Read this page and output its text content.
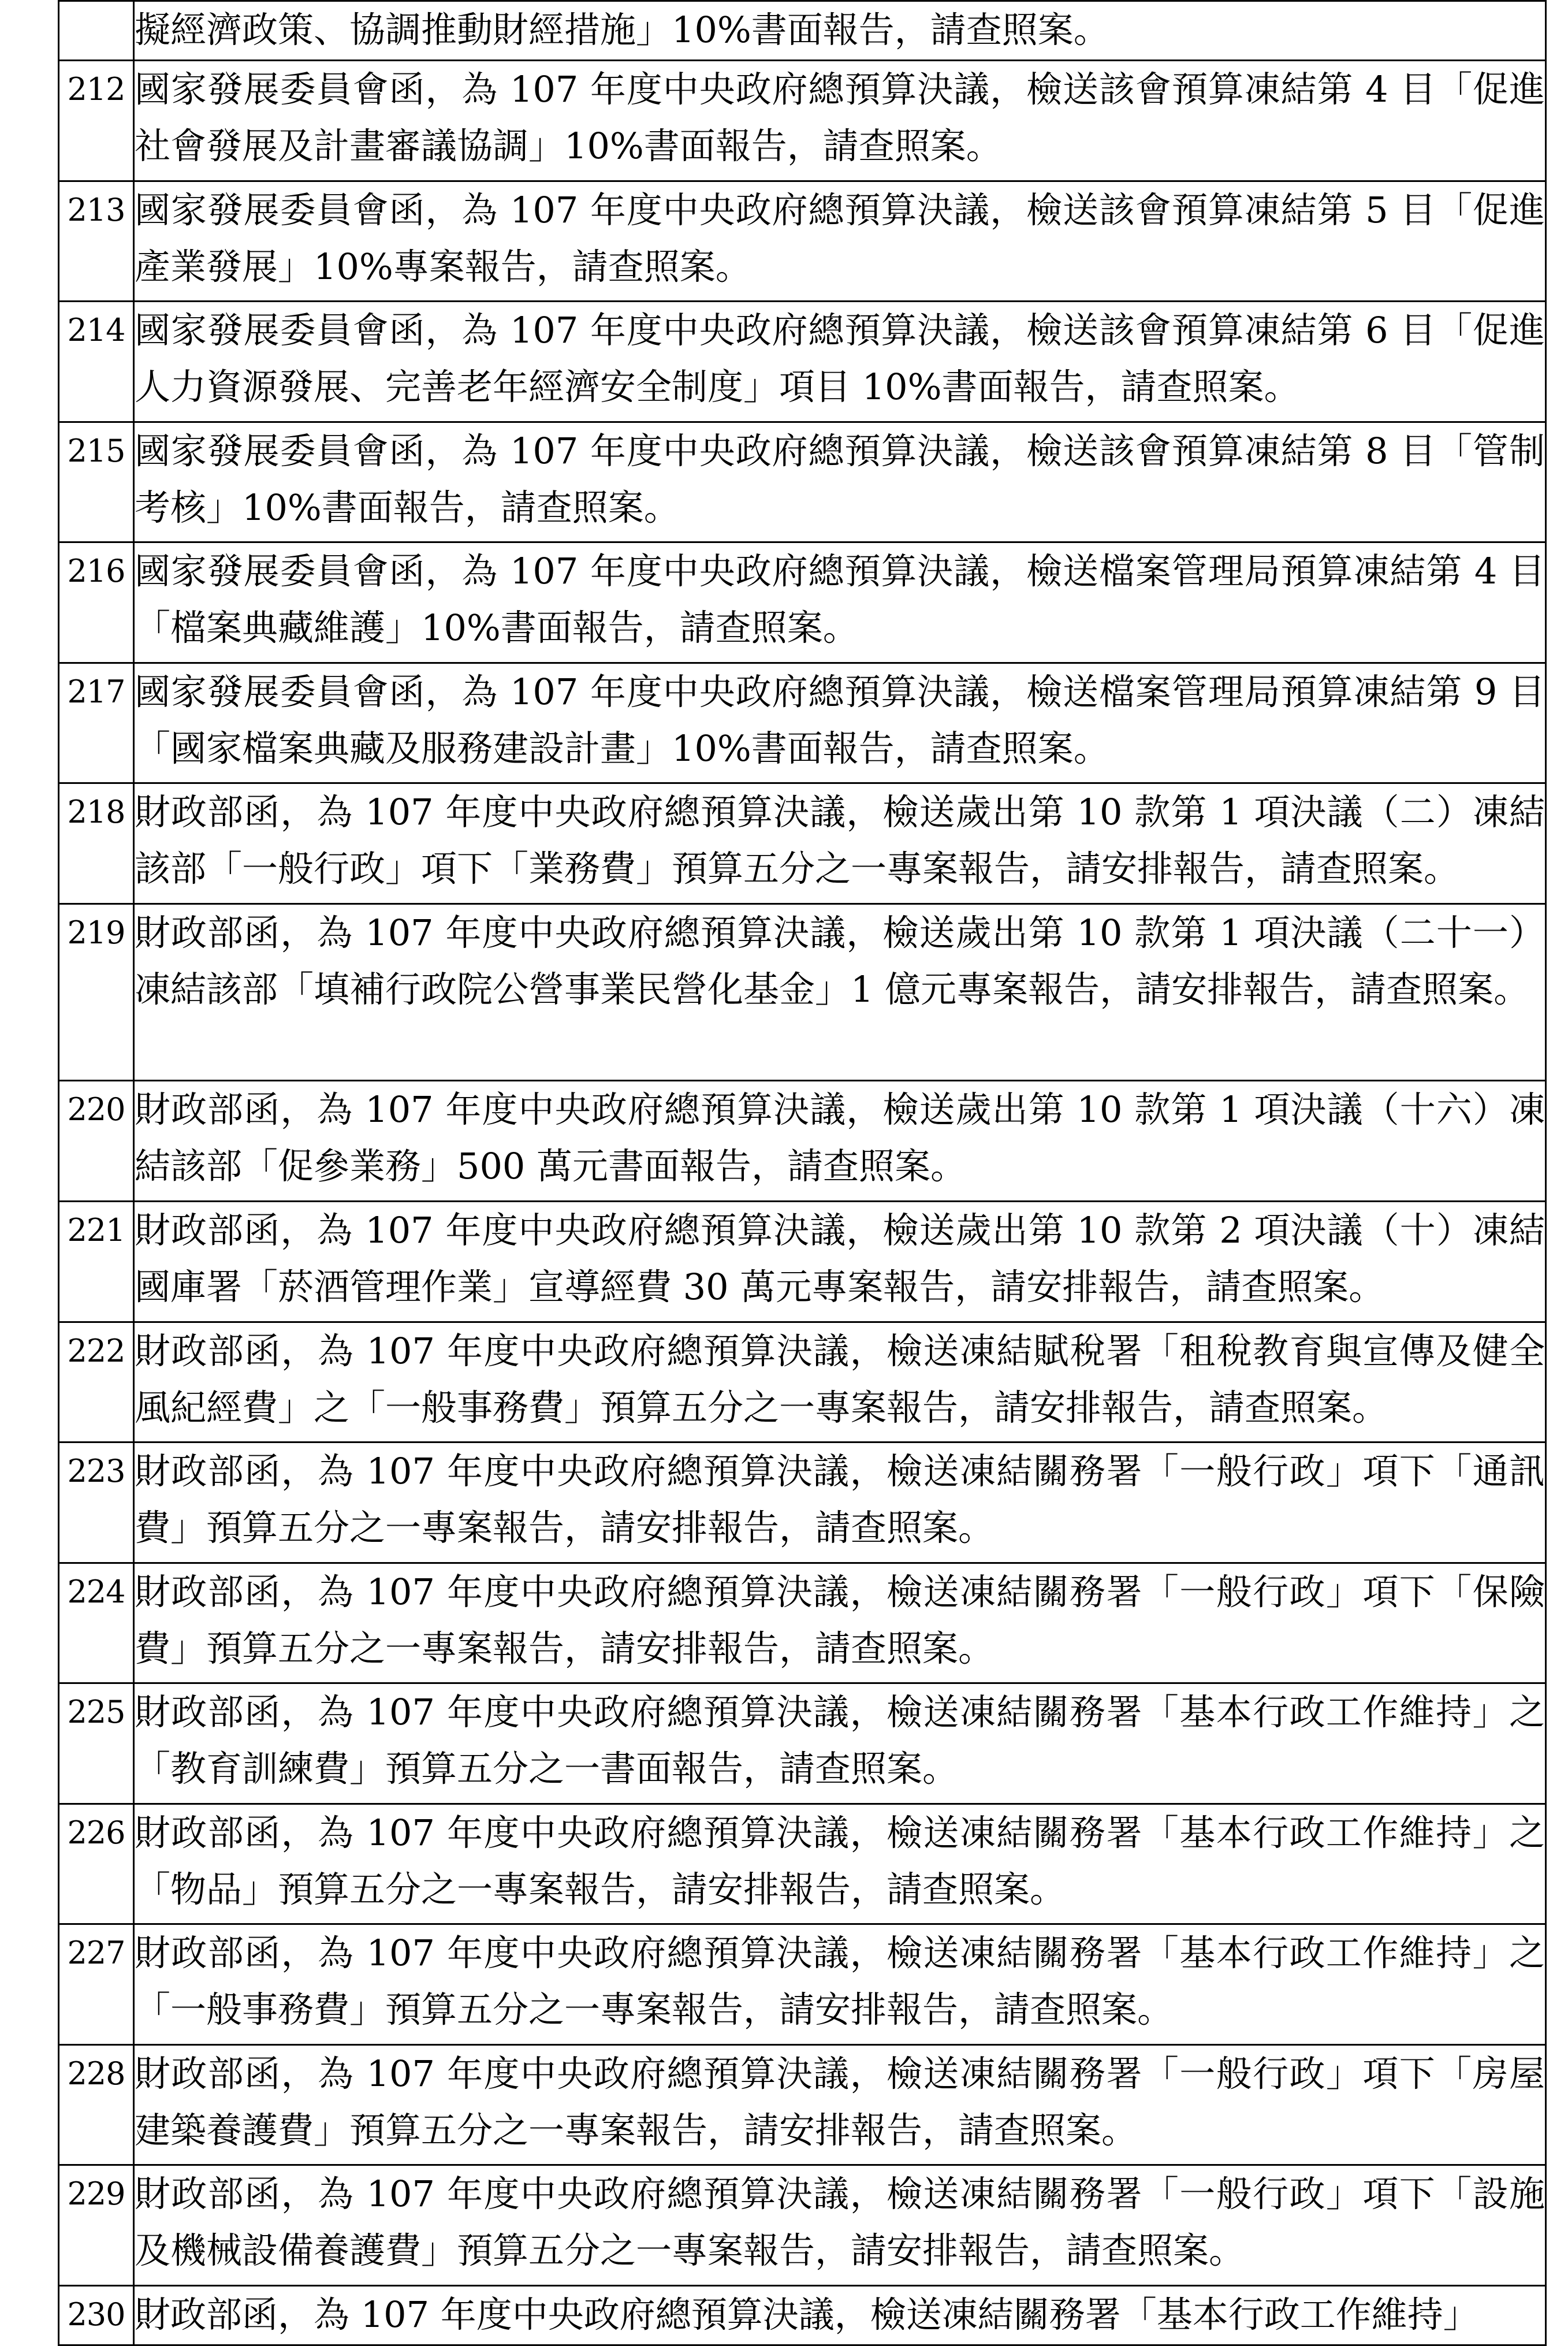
	擬經濟政策、協調推動財經措施」10%書面報告，請查照案。
212	國家發展委員會函，為 107 年度中央政府總預算決議，檢送該會預算凍結第 4 目「促進社會發展及計畫審議協調」10%書面報告，請查照案。
213	國家發展委員會函，為 107 年度中央政府總預算決議，檢送該會預算凍結第 5 目「促進產業發展」10%專案報告，請查照案。
214	國家發展委員會函，為 107 年度中央政府總預算決議，檢送該會預算凍結第 6 目「促進人力資源發展、完善老年經濟安全制度」項目 10%書面報告，請查照案。
215	國家發展委員會函，為 107 年度中央政府總預算決議，檢送該會預算凍結第 8 目「管制考核」10%書面報告，請查照案。
216	國家發展委員會函，為 107 年度中央政府總預算決議，檢送檔案管理局預算凍結第 4 目「檔案典藏維護」10%書面報告，請查照案。
217	國家發展委員會函，為 107 年度中央政府總預算決議，檢送檔案管理局預算凍結第 9 目「國家檔案典藏及服務建設計畫」10%書面報告，請查照案。
218	財政部函，為 107 年度中央政府總預算決議，檢送歲出第 10 款第 1 項決議（二）凍結該部「一般行政」項下「業務費」預算五分之一專案報告，請安排報告，請查照案。
219	財政部函，為 107 年度中央政府總預算決議，檢送歲出第 10 款第 1 項決議（二十一）凍結該部「填補行政院公營事業民營化基金」1 億元專案報告，請安排報告，請查照案。
220	財政部函，為 107 年度中央政府總預算決議，檢送歲出第 10 款第 1 項決議（十六）凍結該部「促參業務」500 萬元書面報告，請查照案。
221	財政部函，為 107 年度中央政府總預算決議，檢送歲出第 10 款第 2 項決議（十）凍結國庫署「菸酒管理作業」宣導經費 30 萬元專案報告，請安排報告，請查照案。
222	財政部函，為 107 年度中央政府總預算決議，檢送凍結賦稅署「租稅教育與宣傳及健全風紀經費」之「一般事務費」預算五分之一專案報告，請安排報告，請查照案。
223	財政部函，為 107 年度中央政府總預算決議，檢送凍結關務署「一般行政」項下「通訊費」預算五分之一專案報告，請安排報告，請查照案。
224	財政部函，為 107 年度中央政府總預算決議，檢送凍結關務署「一般行政」項下「保險費」預算五分之一專案報告，請安排報告，請查照案。
225	財政部函，為 107 年度中央政府總預算決議，檢送凍結關務署「基本行政工作維持」之「教育訓練費」預算五分之一書面報告，請查照案。
226	財政部函，為 107 年度中央政府總預算決議，檢送凍結關務署「基本行政工作維持」之「物品」預算五分之一專案報告，請安排報告，請查照案。
227	財政部函，為 107 年度中央政府總預算決議，檢送凍結關務署「基本行政工作維持」之「一般事務費」預算五分之一專案報告，請安排報告，請查照案。
228	財政部函，為 107 年度中央政府總預算決議，檢送凍結關務署「一般行政」項下「房屋建築養護費」預算五分之一專案報告，請安排報告，請查照案。
229	財政部函，為 107 年度中央政府總預算決議，檢送凍結關務署「一般行政」項下「設施及機械設備養護費」預算五分之一專案報告，請安排報告，請查照案。
230	財政部函，為 107 年度中央政府總預算決議，檢送凍結關務署「基本行政工作維持」
